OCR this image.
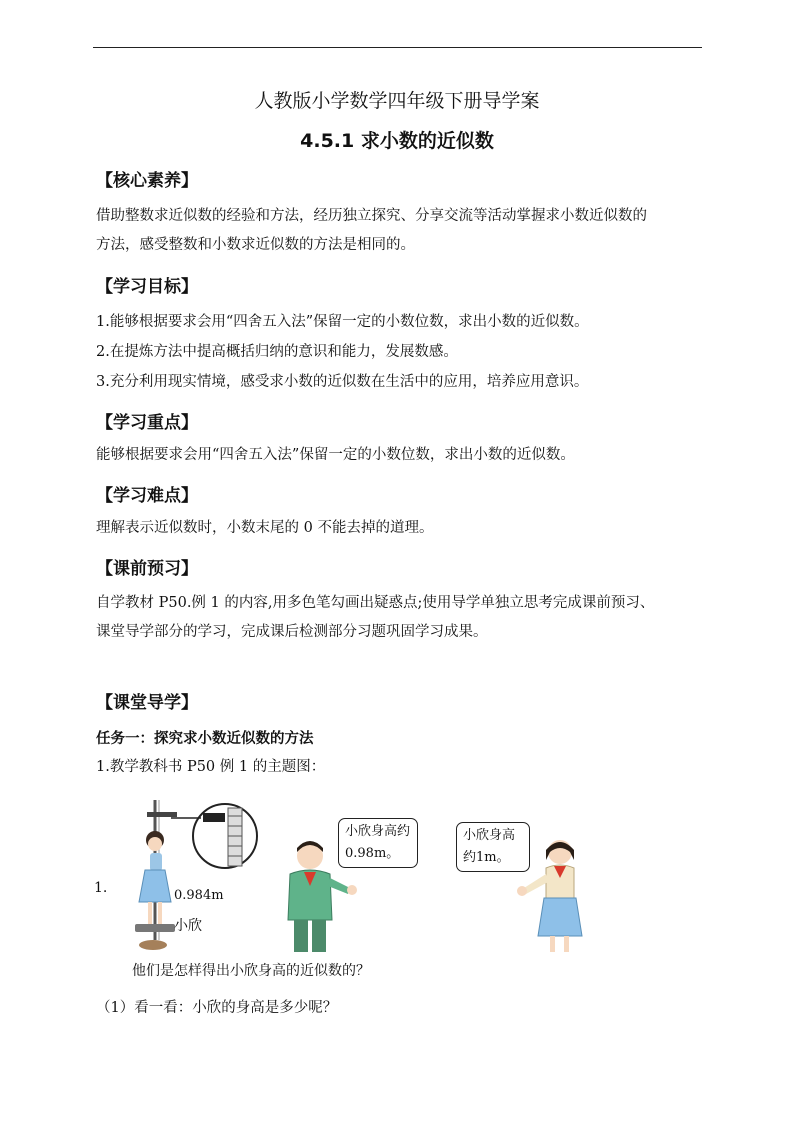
人教版小学数学四年级下册导学案
4.5.1 求小数的近似数
【核心素养】
借助整数求近似数的经验和方法，经历独立探究、分享交流等活动掌握求小数近似数的
方法，感受整数和小数求近似数的方法是相同的。
【学习目标】
1.能够根据要求会用“四舍五入法”保留一定的小数位数，求出小数的近似数。
2.在提炼方法中提高概括归纳的意识和能力，发展数感。
3.充分利用现实情境，感受求小数的近似数在生活中的应用，培养应用意识。
【学习重点】
能够根据要求会用“四舍五入法”保留一定的小数位数，求出小数的近似数。
【学习难点】
理解表示近似数时，小数末尾的 0 不能去掉的道理。
【课前预习】
自学教材 P50.例 1 的内容,用多色笔勾画出疑惑点;使用导学单独立思考完成课前预习、
课堂导学部分的学习，完成课后检测部分习题巩固学习成果。
【课堂导学】
任务一：探究求小数近似数的方法
1.教学教科书 P50 例 1 的主题图：
1.	0.984m
小欣
小欣身高约
0.98m。
小欣身高
约1m。
他们是怎样得出小欣身高的近似数的？
（1）看一看：小欣的身高是多少呢？
